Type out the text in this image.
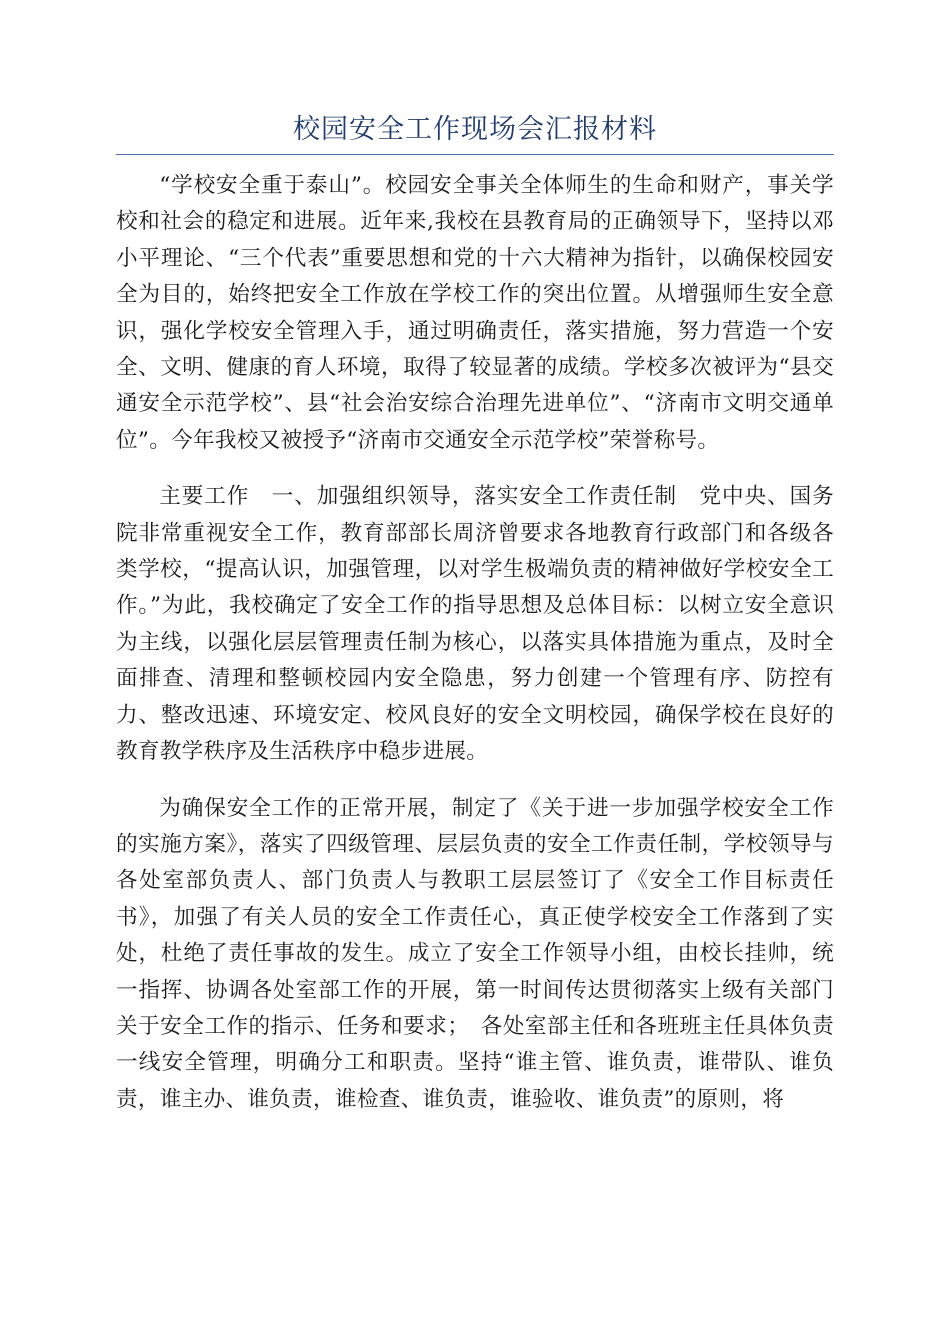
校园安全工作现场会汇报材料

“学校安全重于泰山”。校园安全事关全体师生的生命和财产，事关学校和社会的稳定和进展。近年来,我校在县教育局的正确领导下，坚持以邓小平理论、“三个代表”重要思想和党的十六大精神为指针，以确保校园安全为目的，始终把安全工作放在学校工作的突出位置。从增强师生安全意识，强化学校安全管理入手，通过明确责任，落实措施，努力营造一个安全、文明、健康的育人环境，取得了较显著的成绩。学校多次被评为“县交通安全示范学校”、县“社会治安综合治理先进单位”、“济南市文明交通单位”。今年我校又被授予“济南市交通安全示范学校”荣誉称号。

主要工作　一、加强组织领导，落实安全工作责任制　党中央、国务院非常重视安全工作，教育部部长周济曾要求各地教育行政部门和各级各类学校，“提高认识，加强管理，以对学生极端负责的精神做好学校安全工作。”为此，我校确定了安全工作的指导思想及总体目标：以树立安全意识为主线，以强化层层管理责任制为核心，以落实具体措施为重点，及时全面排查、清理和整顿校园内安全隐患，努力创建一个管理有序、防控有力、整改迅速、环境安定、校风良好的安全文明校园，确保学校在良好的教育教学秩序及生活秩序中稳步进展。

为确保安全工作的正常开展，制定了《关于进一步加强学校安全工作的实施方案》，落实了四级管理、层层负责的安全工作责任制，学校领导与各处室部负责人、部门负责人与教职工层层签订了《安全工作目标责任书》，加强了有关人员的安全工作责任心，真正使学校安全工作落到了实处，杜绝了责任事故的发生。成立了安全工作领导小组，由校长挂帅，统一指挥、协调各处室部工作的开展，第一时间传达贯彻落实上级有关部门关于安全工作的指示、任务和要求；　各处室部主任和各班班主任具体负责一线安全管理，明确分工和职责。坚持“谁主管、谁负责，谁带队、谁负责，谁主办、谁负责，谁检查、谁负责，谁验收、谁负责”的原则，将
